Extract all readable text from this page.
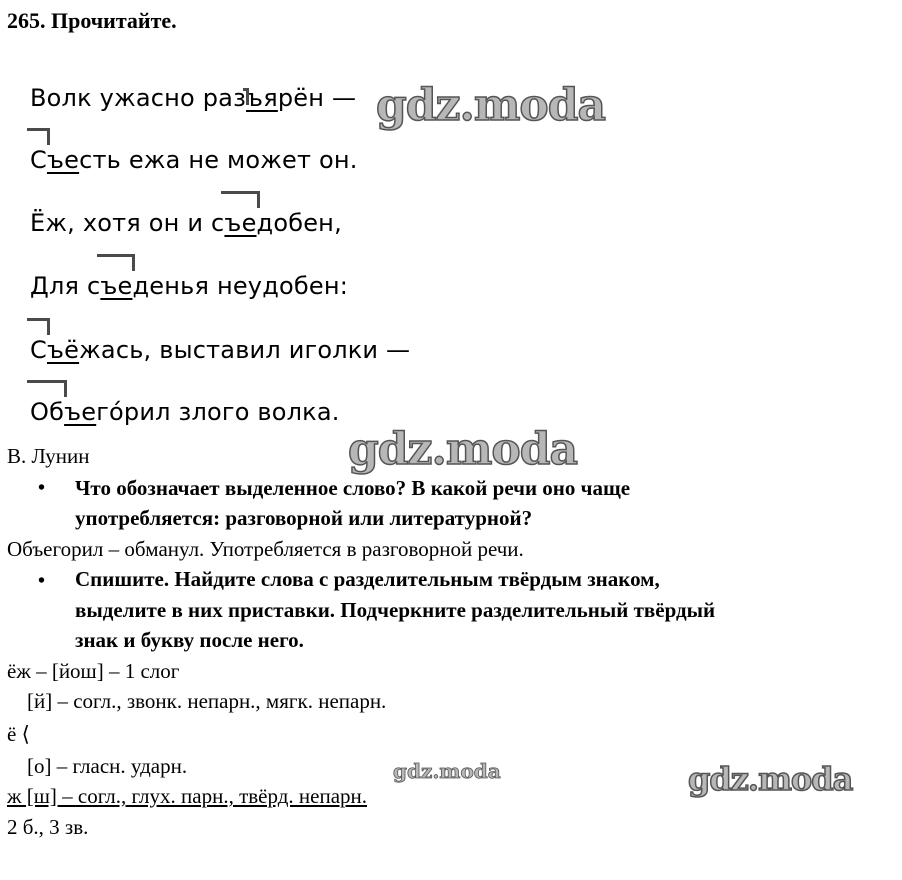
265. Прочитайте.
Волк ужасно разъярён —
Съесть ежа не может он.
Ёж, хотя он и съедобен,
Для съеденья неудобен:
Съёжась, выставил иголки —
Объегóрил злого волка.
В. Лунин
• Что обозначает выделенное слово? В какой речи оно чаще
употребляется: разговорной или литературной?
Объегорил – обманул. Употребляется в разговорной речи.
• Спишите. Найдите слова с разделительным твёрдым знаком,
выделите в них приставки. Подчеркните разделительный твёрдый
знак и букву после него.
ёж – [йош] – 1 слог
[й] – согл., звонк. непарн., мягк. непарн.
ё ⟨
[о] – гласн. ударн.
ж [ш] – согл., глух. парн., твёрд. непарн.
2 б., 3 зв.
gdz.moda
gdz.moda
gdz.moda	gdz.moda
